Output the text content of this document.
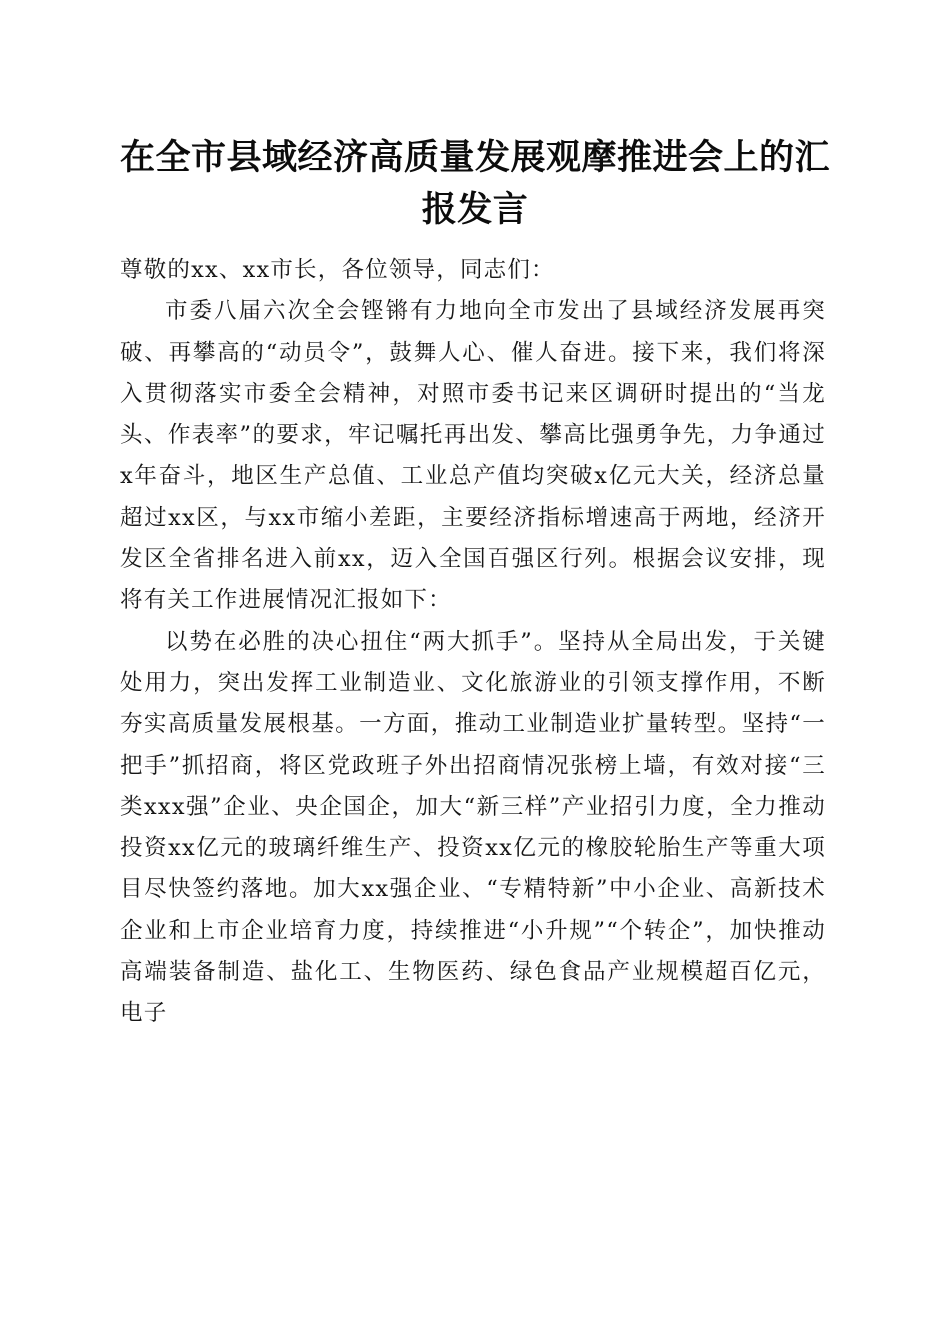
在全市县域经济高质量发展观摩推进会上的汇报发言

尊敬的xx、xx市长，各位领导，同志们：

市委八届六次全会铿锵有力地向全市发出了县域经济发展再突破、再攀高的“动员令”，鼓舞人心、催人奋进。接下来，我们将深入贯彻落实市委全会精神，对照市委书记来区调研时提出的“当龙头、作表率”的要求，牢记嘱托再出发、攀高比强勇争先，力争通过x年奋斗，地区生产总值、工业总产值均突破x亿元大关，经济总量超过xx区，与xx市缩小差距，主要经济指标增速高于两地，经济开发区全省排名进入前xx，迈入全国百强区行列。根据会议安排，现将有关工作进展情况汇报如下：

以势在必胜的决心扭住“两大抓手”。坚持从全局出发，于关键处用力，突出发挥工业制造业、文化旅游业的引领支撑作用，不断夯实高质量发展根基。一方面，推动工业制造业扩量转型。坚持“一把手”抓招商，将区党政班子外出招商情况张榜上墙，有效对接“三类xxx强”企业、央企国企，加大“新三样”产业招引力度，全力推动投资xx亿元的玻璃纤维生产、投资xx亿元的橡胶轮胎生产等重大项目尽快签约落地。加大xx强企业、“专精特新”中小企业、高新技术企业和上市企业培育力度，持续推进“小升规”“个转企”，加快推动高端装备制造、盐化工、生物医药、绿色食品产业规模超百亿元，电子
